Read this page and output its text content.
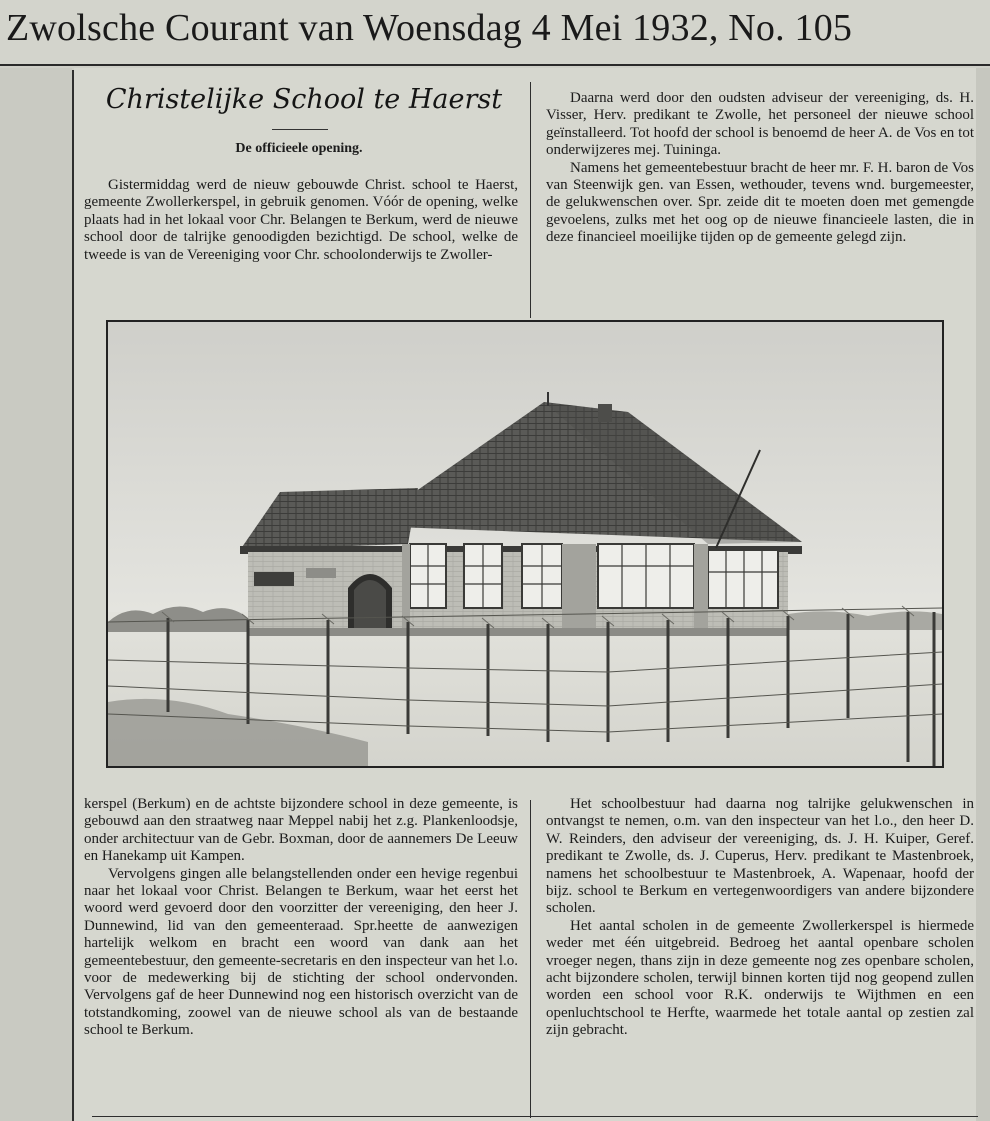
Zwolsche Courant van Woensdag 4 Mei 1932, No. 105
Christelijke School te Haerst
De officieele opening.

Gistermiddag werd de nieuw gebouwde Christ. school te Haerst, gemeente Zwollerkerspel, in gebruik genomen. Vóór de opening, welke plaats had in het lokaal voor Chr. Belangen te Berkum, werd de nieuwe school door de talrijke genoodigden bezichtigd. De school, welke de tweede is van de Vereeniging voor Chr. schoolonderwijs te Zwoller-

Daarna werd door den oudsten adviseur der vereeniging, ds. H. Visser, Herv. predikant te Zwolle, het personeel der nieuwe school geïnstalleerd. Tot hoofd der school is benoemd de heer A. de Vos en tot onderwijzeres mej. Tuininga.

Namens het gemeentebestuur bracht de heer mr. F. H. baron de Vos van Steenwijk gen. van Essen, wethouder, tevens wnd. burgemeester, de gelukwenschen over. Spr. zeide dit te moeten doen met gemengde gevoelens, zulks met het oog op de nieuwe financieele lasten, die in deze financieel moeilijke tijden op de gemeente gelegd zijn.

kerspel (Berkum) en de achtste bijzondere school in deze gemeente, is gebouwd aan den straatweg naar Meppel nabij het z.g. Plankenloodsje, onder architectuur van de Gebr. Boxman, door de aannemers De Leeuw en Hanekamp uit Kampen.

Vervolgens gingen alle belangstellenden onder een hevige regenbui naar het lokaal voor Christ. Belangen te Berkum, waar het eerst het woord werd gevoerd door den voorzitter der vereeniging, den heer J. Dunnewind, lid van den gemeenteraad. Spr.heette de aanwezigen hartelijk welkom en bracht een woord van dank aan het gemeentebestuur, den gemeente-secretaris en den inspecteur van het l.o. voor de medewerking bij de stichting der school ondervonden. Vervolgens gaf de heer Dunnewind nog een historisch overzicht van de totstandkoming, zoowel van de nieuwe school als van de bestaande school te Berkum.

Het schoolbestuur had daarna nog talrijke gelukwenschen in ontvangst te nemen, o.m. van den inspecteur van het l.o., den heer D. W. Reinders, den adviseur der vereeniging, ds. J. H. Kuiper, Geref. predikant te Zwolle, ds. J. Cuperus, Herv. predikant te Mastenbroek, namens het schoolbestuur te Mastenbroek, A. Wapenaar, hoofd der bijz. school te Berkum en vertegenwoordigers van andere bijzondere scholen.

Het aantal scholen in de gemeente Zwollerkerspel is hiermede weder met één uitgebreid. Bedroeg het aantal openbare scholen vroeger negen, thans zijn in deze gemeente nog zes openbare scholen, acht bijzondere scholen, terwijl binnen korten tijd nog geopend zullen worden een school voor R.K. onderwijs te Wijthmen en een openluchtschool te Herfte, waarmede het totale aantal op zestien zal zijn gebracht.
